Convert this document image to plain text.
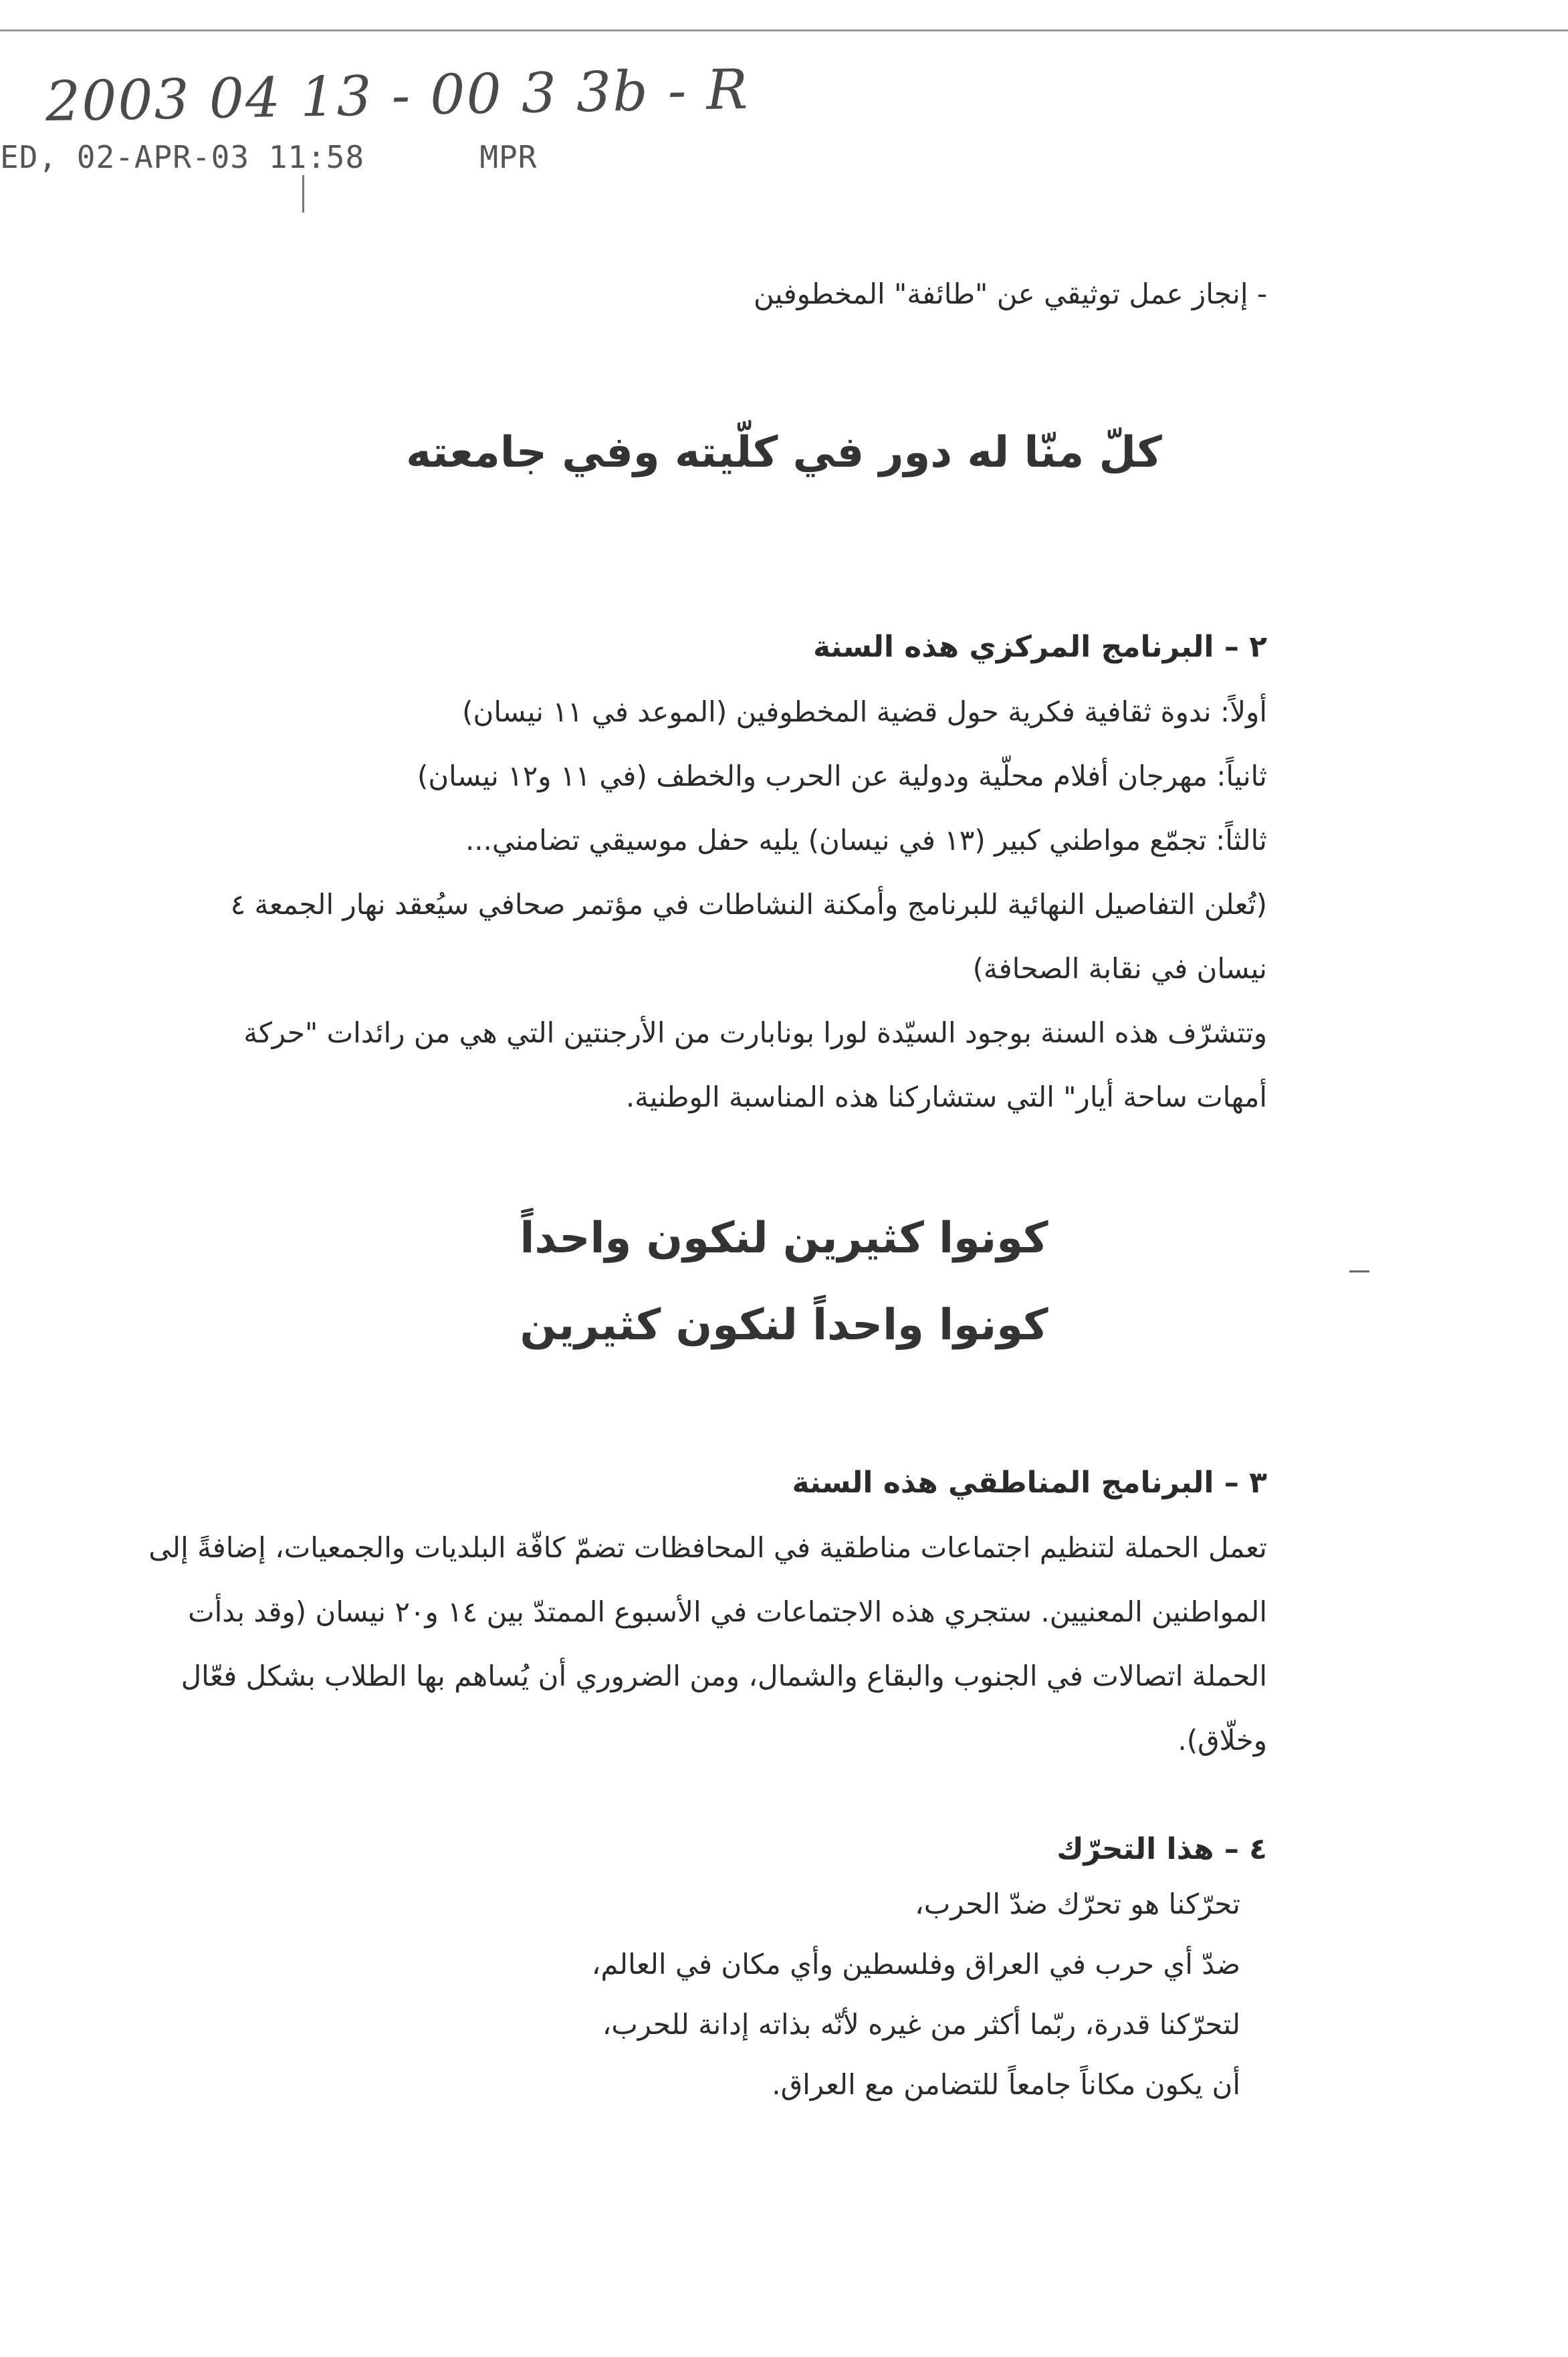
2003 04 13 - 00 3 3b - R
ED, 02-APR-03 11:58      MPR
- إنجاز عمل توثيقي عن "طائفة" المخطوفين
كلّ منّا له دور في كلّيته وفي جامعته
٢ – البرنامج المركزي هذه السنة

أولاً: ندوة ثقافية فكرية حول قضية المخطوفين (الموعد في ١١ نيسان)

ثانياً: مهرجان أفلام محلّية ودولية عن الحرب والخطف (في ١١ و١٢ نيسان)

ثالثاً: تجمّع مواطني كبير (١٣ في نيسان) يليه حفل موسيقي تضامني...

(تُعلن التفاصيل النهائية للبرنامج وأمكنة النشاطات في مؤتمر صحافي سيُعقد نهار الجمعة ٤

نيسان في نقابة الصحافة)

وتتشرّف هذه السنة بوجود السيّدة لورا بونابارت من الأرجنتين التي هي من رائدات "حركة

أمهات ساحة أيار" التي ستشاركنا هذه المناسبة الوطنية.

كونوا كثيرين لنكون واحداً
كونوا واحداً لنكون كثيرين
٣ – البرنامج المناطقي هذه السنة

تعمل الحملة لتنظيم اجتماعات مناطقية في المحافظات تضمّ كافّة البلديات والجمعيات، إضافةً إلى

المواطنين المعنيين. ستجري هذه الاجتماعات في الأسبوع الممتدّ بين ١٤ و٢٠ نيسان (وقد بدأت

الحملة اتصالات في الجنوب والبقاع والشمال، ومن الضروري أن يُساهم بها الطلاب بشكل فعّال

وخلّاق).

٤ – هذا التحرّك

تحرّكنا هو تحرّك ضدّ الحرب،

ضدّ أي حرب في العراق وفلسطين وأي مكان في العالم،

لتحرّكنا قدرة، ربّما أكثر من غيره لأنّه بذاته إدانة للحرب،

أن يكون مكاناً جامعاً للتضامن مع العراق.
